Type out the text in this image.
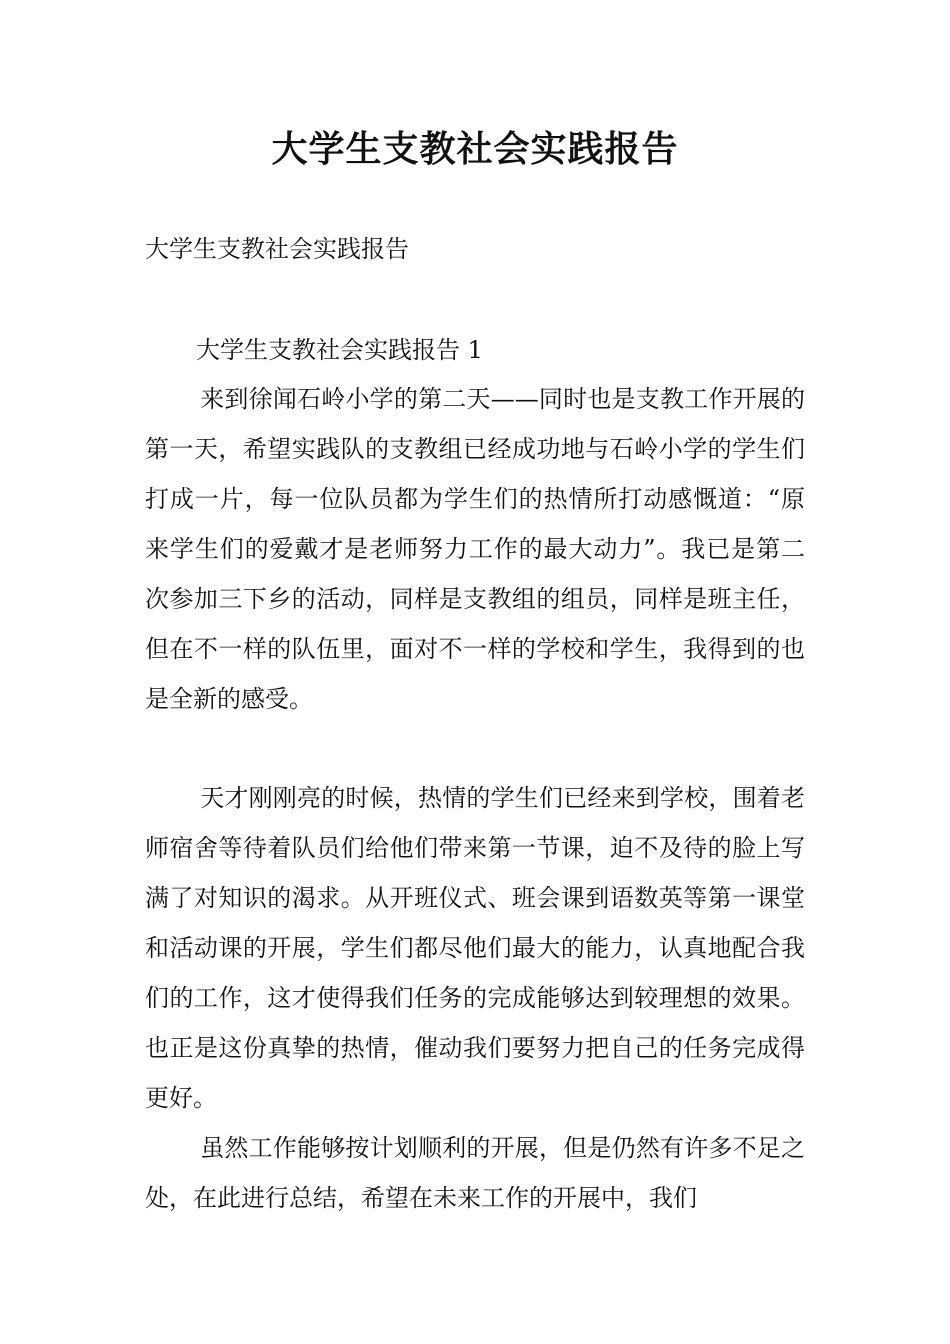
大学生支教社会实践报告
大学生支教社会实践报告
大学生支教社会实践报告 1

来到徐闻石岭小学的第二天——同时也是支教工作开展的第一天，希望实践队的支教组已经成功地与石岭小学的学生们打成一片，每一位队员都为学生们的热情所打动感慨道：“原来学生们的爱戴才是老师努力工作的最大动力”。我已是第二次参加三下乡的活动，同样是支教组的组员，同样是班主任，但在不一样的队伍里，面对不一样的学校和学生，我得到的也是全新的感受。

天才刚刚亮的时候，热情的学生们已经来到学校，围着老师宿舍等待着队员们给他们带来第一节课，迫不及待的脸上写满了对知识的渴求。从开班仪式、班会课到语数英等第一课堂和活动课的开展，学生们都尽他们最大的能力，认真地配合我们的工作，这才使得我们任务的完成能够达到较理想的效果。也正是这份真挚的热情，催动我们要努力把自己的任务完成得更好。

虽然工作能够按计划顺利的开展，但是仍然有许多不足之处，在此进行总结，希望在未来工作的开展中，我们
